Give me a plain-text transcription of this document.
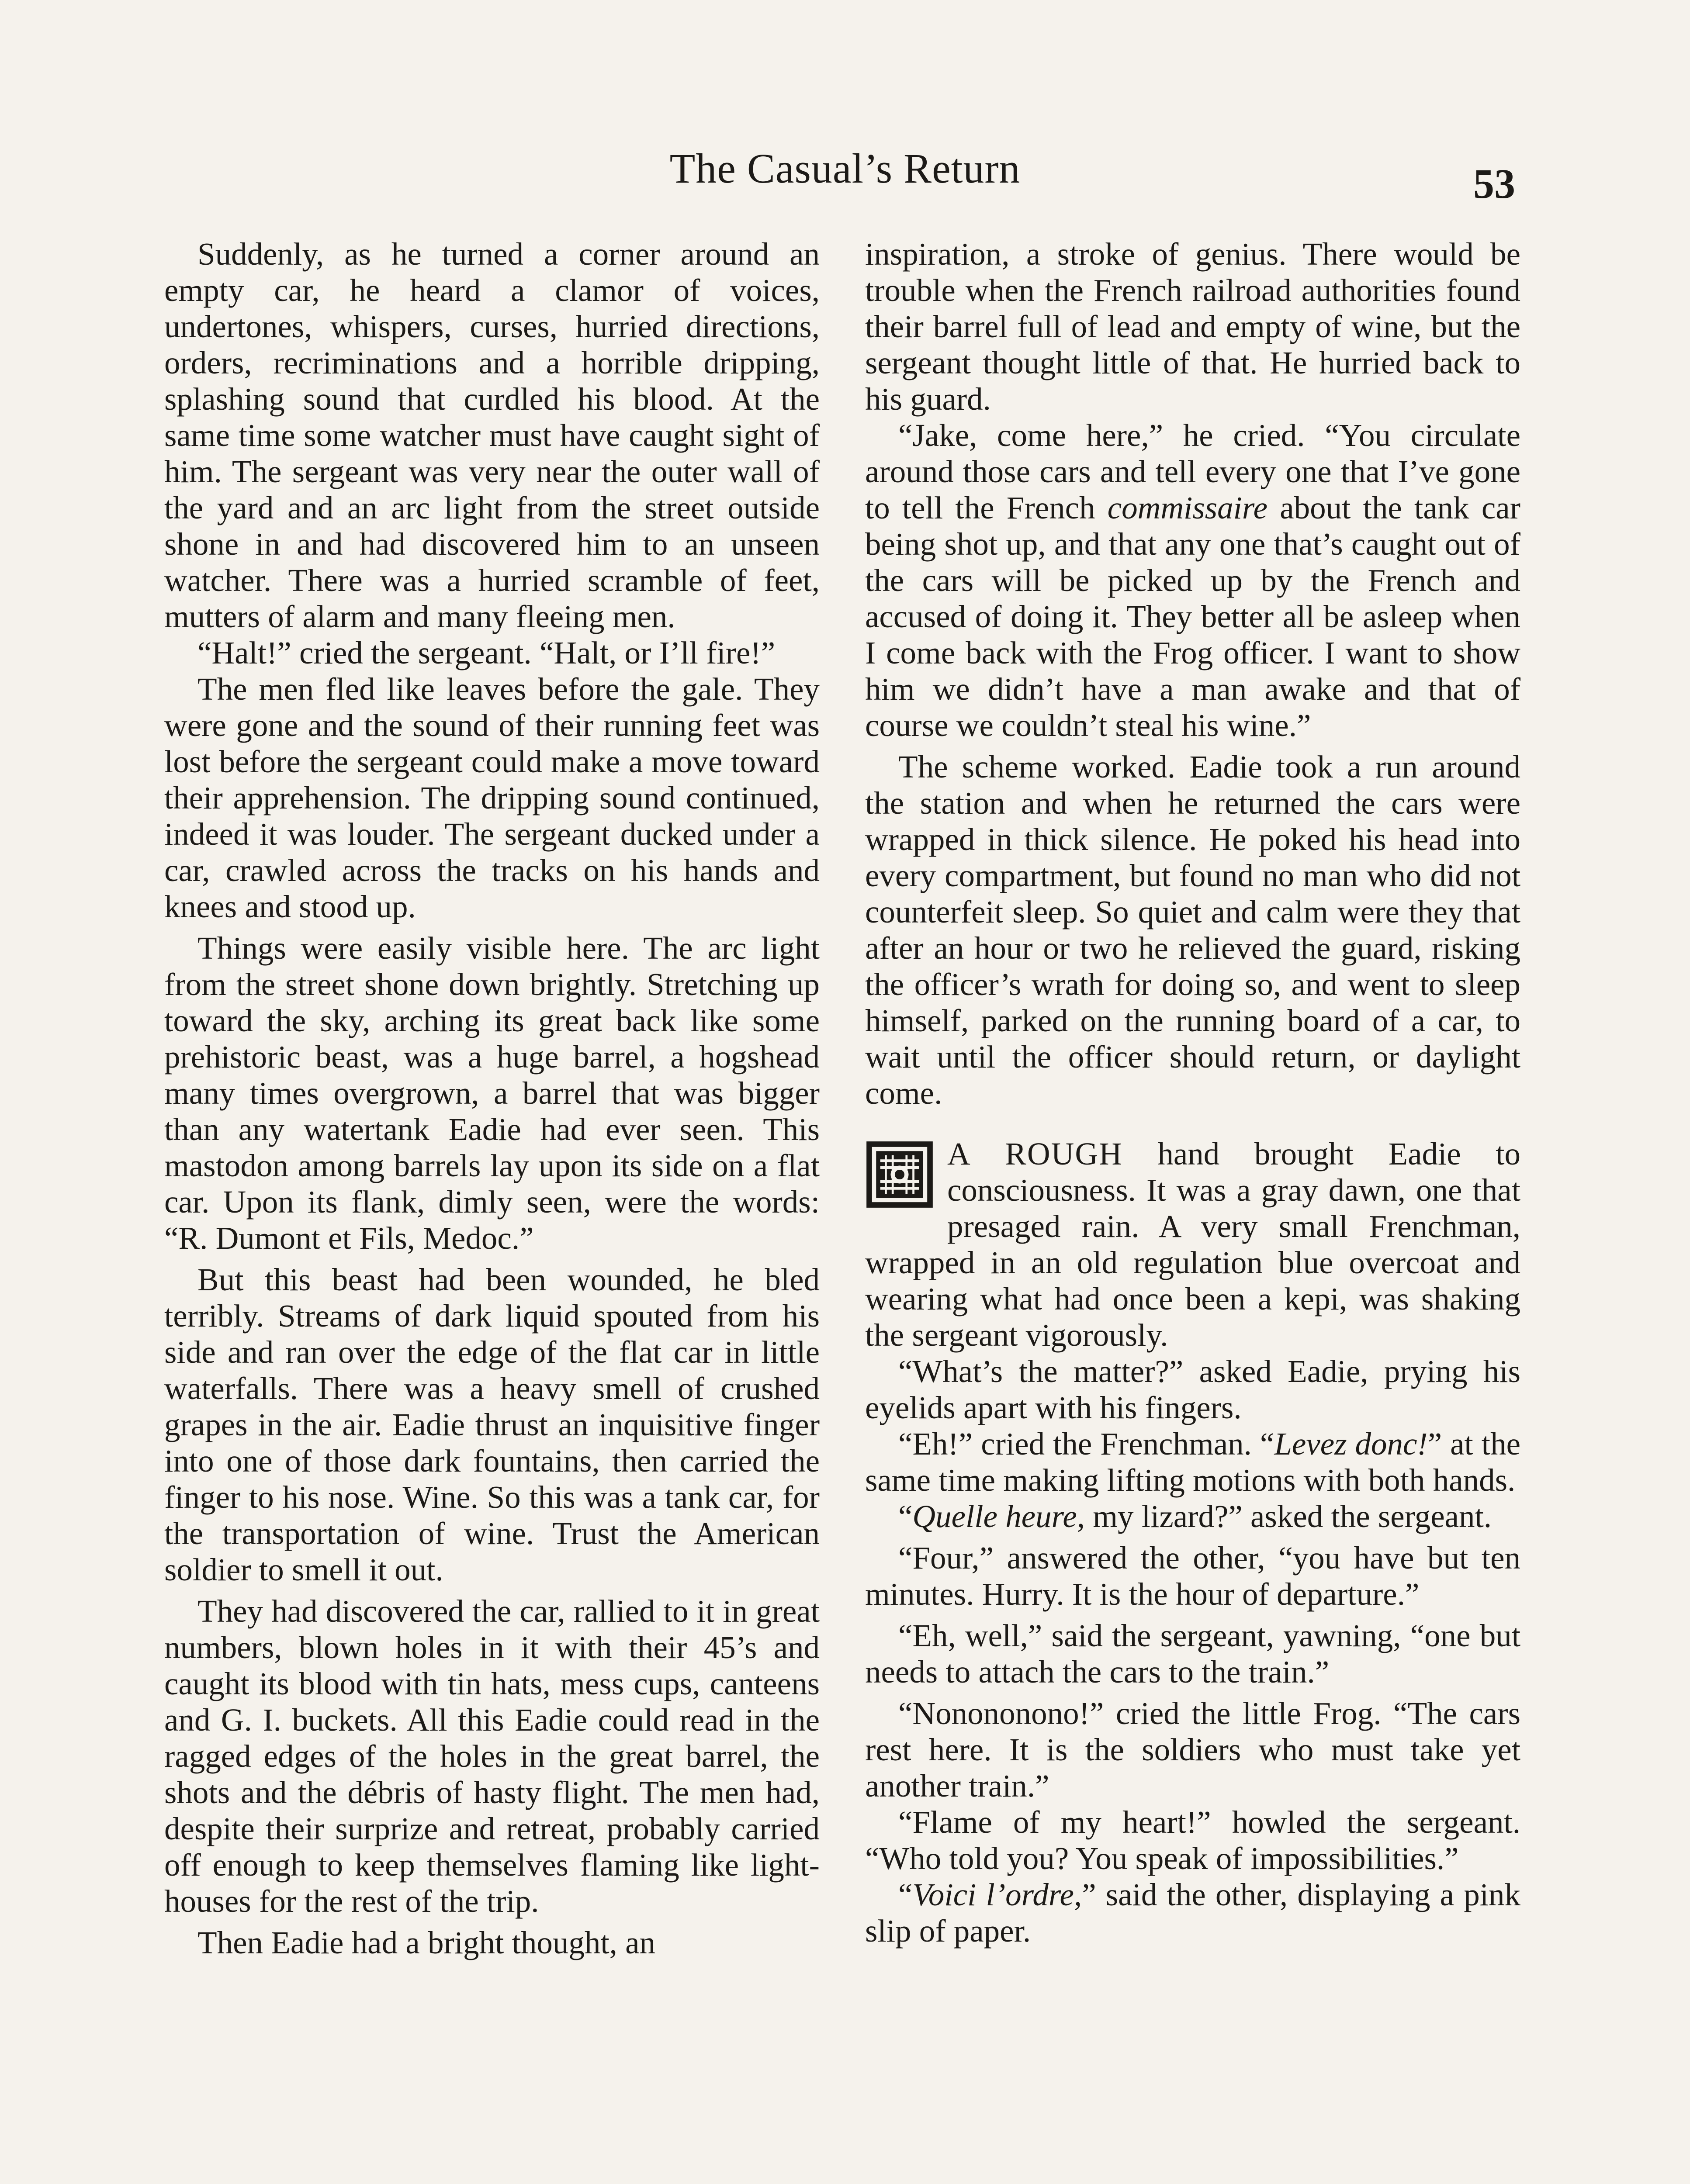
The Casual’s Return	53

Suddenly, as he turned a corner around an empty car, he heard a clamor of voices, undertones, whispers, curses, hurried directions, orders, recriminations and a horrible dripping, splashing sound that curdled his blood. At the same time some watcher must have caught sight of him. The sergeant was very near the outer wall of the yard and an arc light from the street outside shone in and had discovered him to an unseen watcher. There was a hurried scramble of feet, mutters of alarm and many fleeing men.

“Halt!” cried the sergeant. “Halt, or I’ll fire!”

The men fled like leaves before the gale. They were gone and the sound of their running feet was lost before the sergeant could make a move toward their apprehension. The dripping sound continued, indeed it was louder. The sergeant ducked under a car, crawled across the tracks on his hands and knees and stood up.

Things were easily visible here. The arc light from the street shone down brightly. Stretching up toward the sky, arching its great back like some prehistoric beast, was a huge barrel, a hogshead many times overgrown, a barrel that was bigger than any watertank Eadie had ever seen. This mastodon among barrels lay upon its side on a flat car. Upon its flank, dimly seen, were the words: “R. Dumont et Fils, Medoc.”

But this beast had been wounded, he bled terribly. Streams of dark liquid spouted from his side and ran over the edge of the flat car in little waterfalls. There was a heavy smell of crushed grapes in the air. Eadie thrust an inquisitive finger into one of those dark fountains, then carried the finger to his nose. Wine. So this was a tank car, for the transportation of wine. Trust the American soldier to smell it out.

They had discovered the car, rallied to it in great numbers, blown holes in it with their 45’s and caught its blood with tin hats, mess cups, canteens and G. I. buckets. All this Eadie could read in the ragged edges of the holes in the great barrel, the shots and the débris of hasty flight. The men had, despite their surprize and retreat, probably carried off enough to keep themselves flaming like light-houses for the rest of the trip.

Then Eadie had a bright thought, an

inspiration, a stroke of genius. There would be trouble when the French railroad authorities found their barrel full of lead and empty of wine, but the sergeant thought little of that. He hurried back to his guard.

“Jake, come here,” he cried. “You circulate around those cars and tell every one that I’ve gone to tell the French commissaire about the tank car being shot up, and that any one that’s caught out of the cars will be picked up by the French and accused of doing it. They better all be asleep when I come back with the Frog officer. I want to show him we didn’t have a man awake and that of course we couldn’t steal his wine.”

The scheme worked. Eadie took a run around the station and when he returned the cars were wrapped in thick silence. He poked his head into every compartment, but found no man who did not counterfeit sleep. So quiet and calm were they that after an hour or two he relieved the guard, risking the officer’s wrath for doing so, and went to sleep himself, parked on the running board of a car, to wait until the officer should return, or daylight come.

A ROUGH hand brought Eadie to consciousness. It was a gray dawn, one that presaged rain. A very small Frenchman, wrapped in an old regulation blue overcoat and wearing what had once been a kepi, was shaking the sergeant vigorously.

“What’s the matter?” asked Eadie, prying his eyelids apart with his fingers.

“Eh!” cried the Frenchman. “Levez donc!” at the same time making lifting motions with both hands.

“Quelle heure, my lizard?” asked the sergeant.

“Four,” answered the other, “you have but ten minutes. Hurry. It is the hour of departure.”

“Eh, well,” said the sergeant, yawning, “one but needs to attach the cars to the train.”

“Nonononono!” cried the little Frog. “The cars rest here. It is the soldiers who must take yet another train.”

“Flame of my heart!” howled the sergeant. “Who told you? You speak of impossibilities.”

“Voici l’ordre,” said the other, displaying a pink slip of paper.
